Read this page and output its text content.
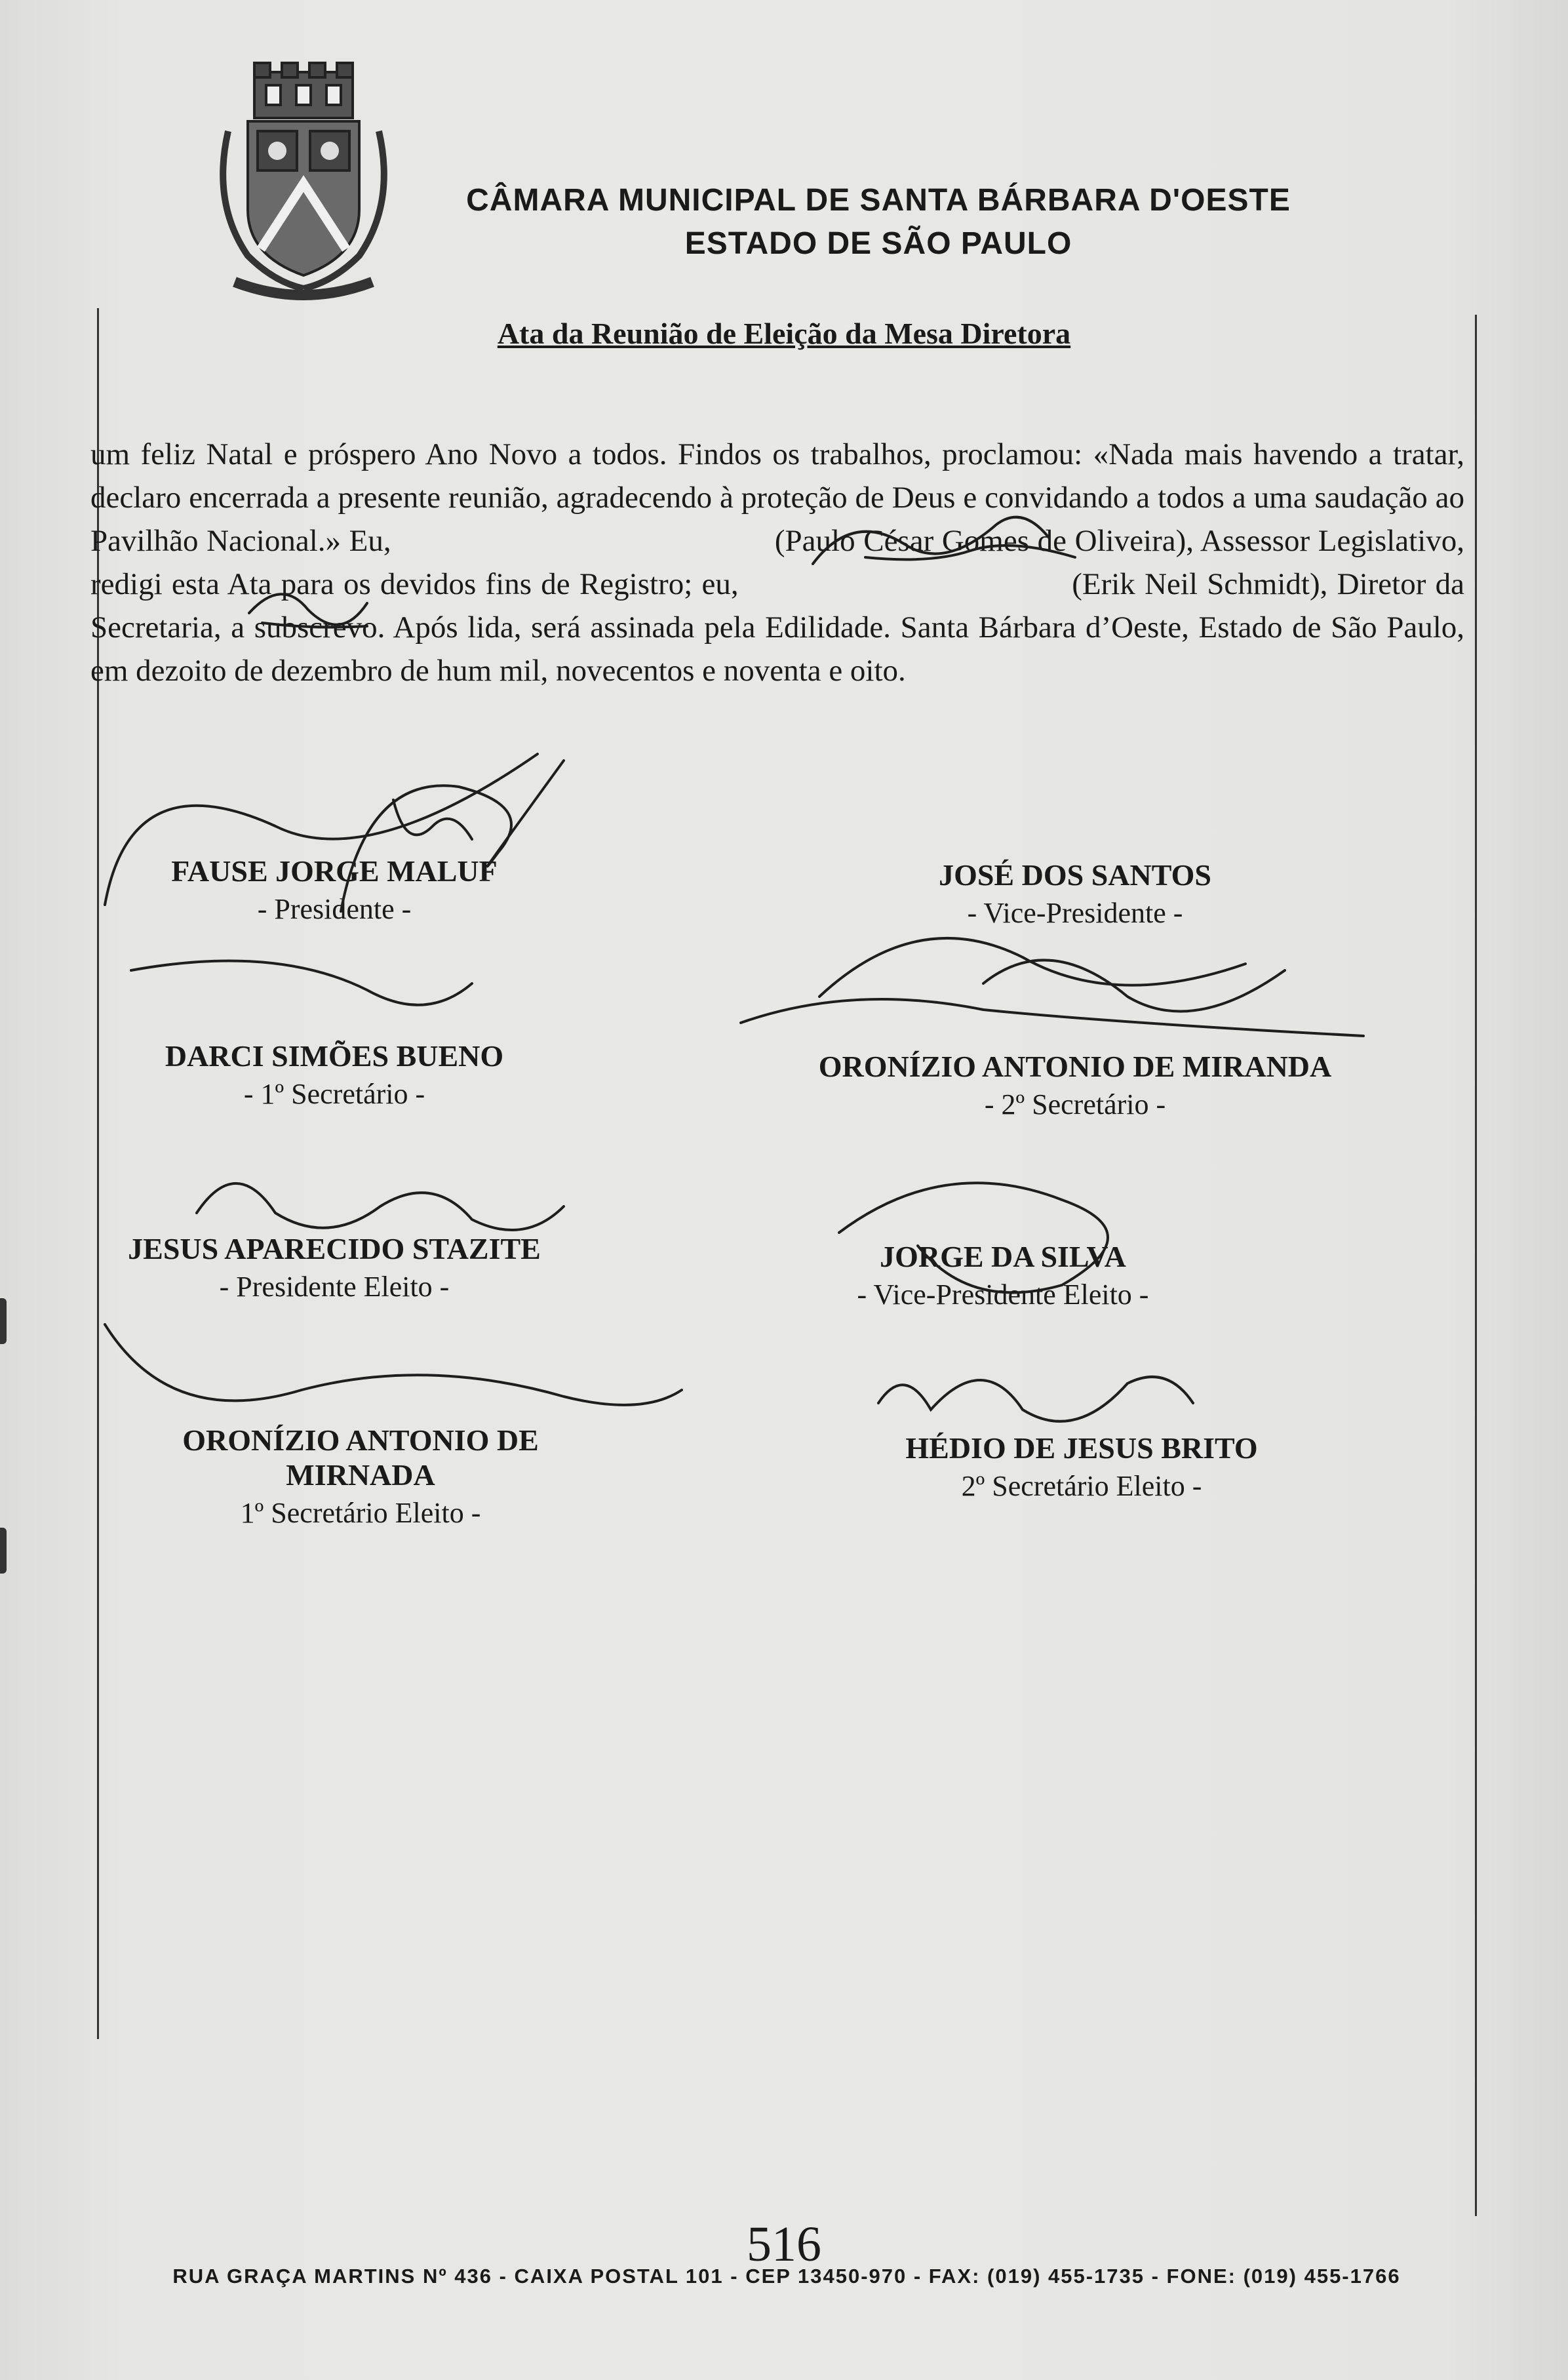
CÂMARA MUNICIPAL DE SANTA BÁRBARA D'OESTE
ESTADO DE SÃO PAULO
Ata da Reunião de Eleição da Mesa Diretora
um feliz Natal e próspero Ano Novo a todos. Findos os trabalhos, proclamou: «Nada mais havendo a tratar, declaro encerrada a presente reunião, agradecendo à proteção de Deus e convidando a todos a uma saudação ao Pavilhão Nacional.» Eu,	(Paulo César Gomes de Oliveira), Assessor Legislativo, redigi esta Ata para os devidos fins de Registro; eu,	(Erik Neil Schmidt), Diretor da Secretaria, a subscrevo. Após lida, será assinada pela Edilidade. Santa Bárbara d’Oeste, Estado de São Paulo, em dezoito de dezembro de hum mil, novecentos e noventa e oito.
FAUSE JORGE MALUF
- Presidente -
JOSÉ DOS SANTOS
- Vice-Presidente -
DARCI SIMÕES BUENO
- 1º Secretário -
ORONÍZIO ANTONIO DE MIRANDA
- 2º Secretário -
JESUS APARECIDO STAZITE
- Presidente Eleito -
JORGE DA SILVA
- Vice-Presidente Eleito -
ORONÍZIO ANTONIO DE MIRNADA
1º Secretário Eleito -
HÉDIO DE JESUS BRITO
2º Secretário Eleito -
516
RUA GRAÇA MARTINS Nº 436 - CAIXA POSTAL 101 - CEP 13450-970 - FAX: (019) 455-1735 - FONE: (019) 455-1766
